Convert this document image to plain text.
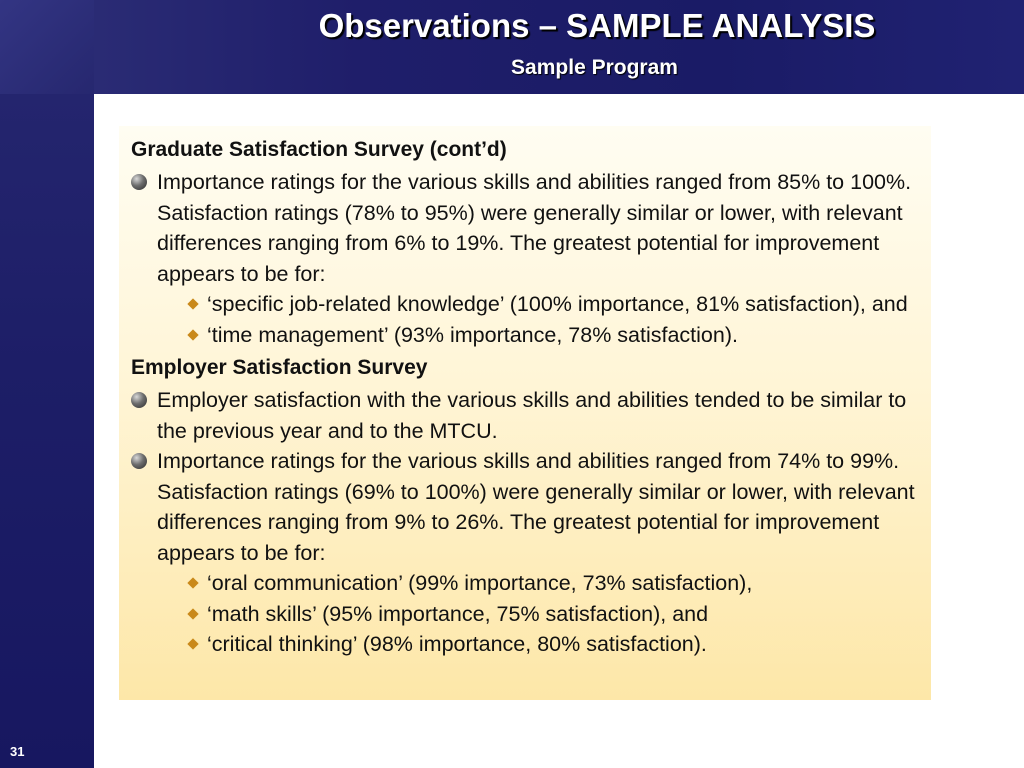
Observations – SAMPLE ANALYSIS
Sample Program
31
Graduate Satisfaction Survey (cont’d)
Importance ratings for the various skills and abilities ranged from 85% to 100%. Satisfaction ratings (78% to 95%) were generally similar or lower, with relevant differences ranging from 6% to 19%. The greatest potential for improvement appears to be for:
‘specific job-related knowledge’ (100% importance, 81% satisfaction), and
‘time management’ (93% importance, 78% satisfaction).
Employer Satisfaction Survey
Employer satisfaction with the various skills and abilities tended to be similar to the previous year and to the MTCU.
Importance ratings for the various skills and abilities ranged from 74% to 99%. Satisfaction ratings (69% to 100%) were generally similar or lower, with relevant differences ranging from 9% to 26%. The greatest potential for improvement appears to be for:
‘oral communication’ (99% importance, 73% satisfaction),
‘math skills’ (95% importance, 75% satisfaction), and
‘critical thinking’ (98% importance, 80% satisfaction).
